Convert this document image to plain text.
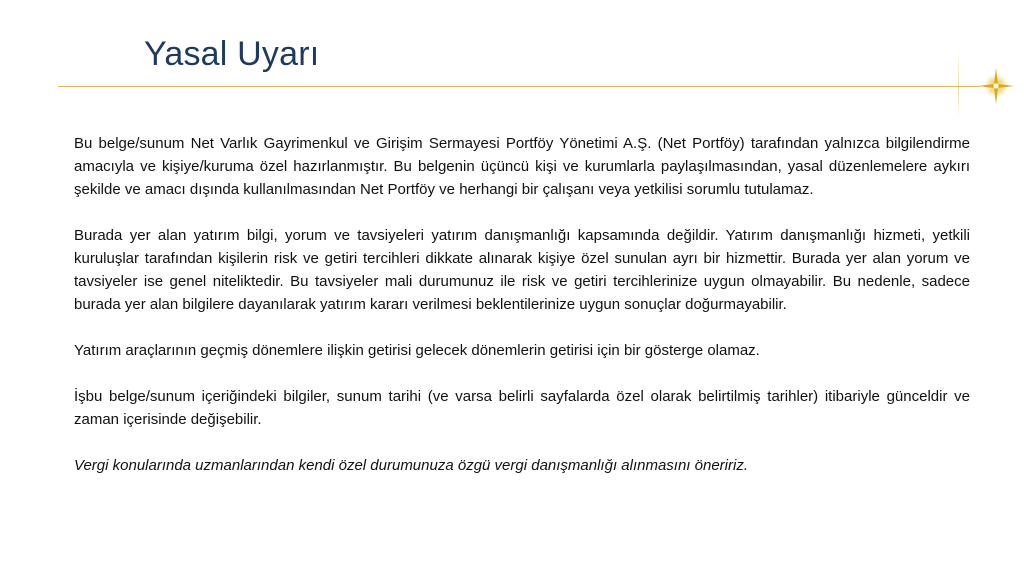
Yasal Uyarı

Bu belge/sunum Net Varlık Gayrimenkul ve Girişim Sermayesi Portföy Yönetimi A.Ş. (Net Portföy) tarafından yalnızca bilgilendirme amacıyla ve kişiye/kuruma özel hazırlanmıştır. Bu belgenin üçüncü kişi ve kurumlarla paylaşılmasından, yasal düzenlemelere aykırı şekilde ve amacı dışında kullanılmasından Net Portföy ve herhangi bir çalışanı veya yetkilisi sorumlu tutulamaz.

Burada yer alan yatırım bilgi, yorum ve tavsiyeleri yatırım danışmanlığı kapsamında değildir. Yatırım danışmanlığı hizmeti, yetkili kuruluşlar tarafından kişilerin risk ve getiri tercihleri dikkate alınarak kişiye özel sunulan ayrı bir hizmettir. Burada yer alan yorum ve tavsiyeler ise genel niteliktedir. Bu tavsiyeler mali durumunuz ile risk ve getiri tercihlerinize uygun olmayabilir. Bu nedenle, sadece burada yer alan bilgilere dayanılarak yatırım kararı verilmesi beklentilerinize uygun sonuçlar doğurmayabilir.

Yatırım araçlarının geçmiş dönemlere ilişkin getirisi gelecek dönemlerin getirisi için bir gösterge olamaz.

İşbu belge/sunum içeriğindeki bilgiler, sunum tarihi (ve varsa belirli sayfalarda özel olarak belirtilmiş tarihler) itibariyle günceldir ve zaman içerisinde değişebilir.

Vergi konularında uzmanlarından kendi özel durumunuza özgü vergi danışmanlığı alınmasını öneririz.
